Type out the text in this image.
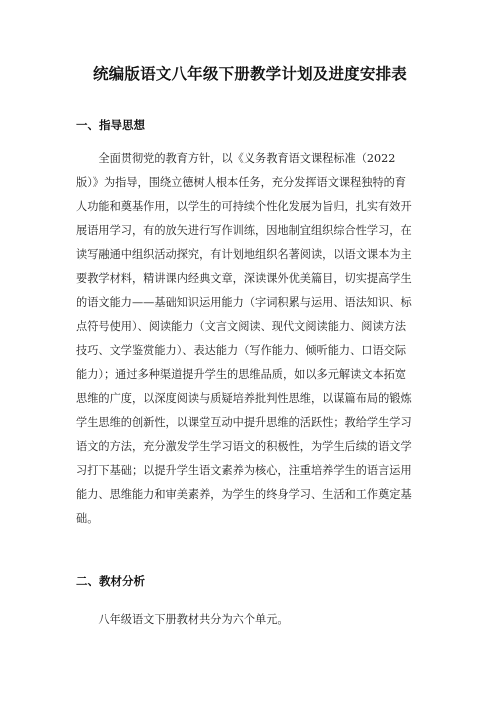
统编版语文八年级下册教学计划及进度安排表
一、指导思想
　　全面贯彻党的教育方针，以《义务教育语文课程标准（2022
版）》为指导，围绕立德树人根本任务，充分发挥语文课程独特的育
人功能和奠基作用，以学生的可持续个性化发展为旨归，扎实有效开
展语用学习，有的放矢进行写作训练，因地制宜组织综合性学习，在
读写融通中组织活动探究，有计划地组织名著阅读，以语文课本为主
要教学材料，精讲课内经典文章，深读课外优美篇目，切实提高学生
的语文能力——基础知识运用能力（字词积累与运用、语法知识、标
点符号使用）、阅读能力（文言文阅读、现代文阅读能力、阅读方法
技巧、文学鉴赏能力）、表达能力（写作能力、倾听能力、口语交际
能力）；通过多种渠道提升学生的思维品质，如以多元解读文本拓宽
思维的广度，以深度阅读与质疑培养批判性思维，以谋篇布局的锻炼
学生思维的创新性，以课堂互动中提升思维的活跃性；教给学生学习
语文的方法，充分激发学生学习语文的积极性，为学生后续的语文学
习打下基础；以提升学生语文素养为核心，注重培养学生的语言运用
能力、思维能力和审美素养，为学生的终身学习、生活和工作奠定基
础。
二、教材分析
　　八年级语文下册教材共分为六个单元。
